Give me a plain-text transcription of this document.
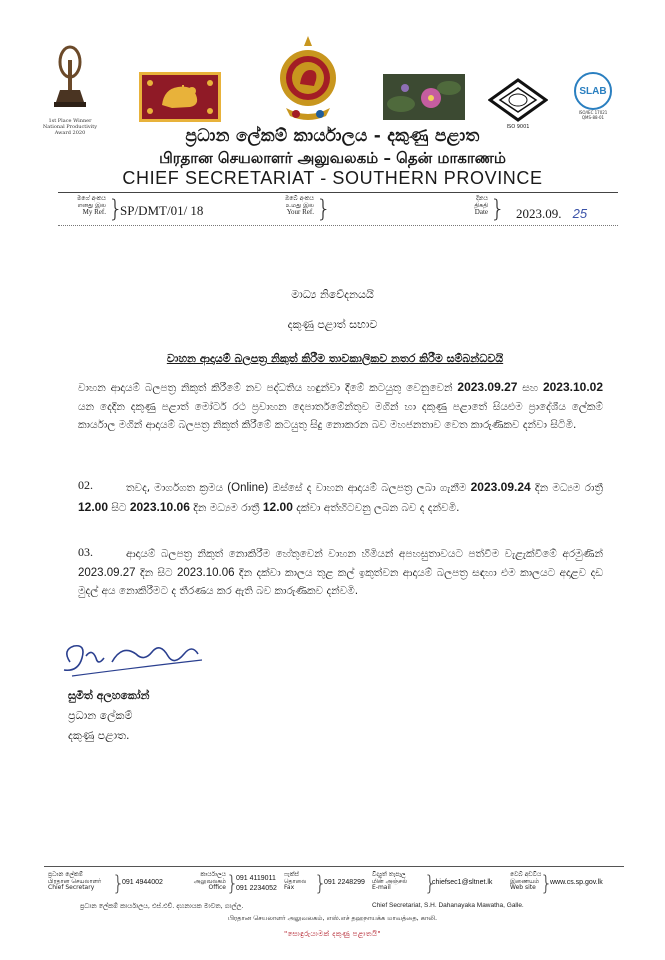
1st Place Winner
National Productivity
Award 2020
ISO 9001
SLAB
ISO/IEC 17021
QMS-88-01
ප්‍රධාන ලේකම් කාර්යාලය - දකුණු පළාත
பிரதான செயலாளர் அலுவலகம் – தென் மாகாணம்
CHIEF SECRETARIAT - SOUTHERN PROVINCE
මගේ අංකය
எனது இல
My Ref. }
SP/DMT/01/ 18
ඔබේ අංකය
உமது இல
Your Ref. }	දිනය
திகதி
Date } 2023.09. 25
මාධ්‍ය නිවේදනයයි
දකුණු පළාත් සභාව
වාහන ආදායම් බලපත්‍ර නිකුත් කිරීම තාවකාලිකව නතර කිරීම සම්බන්ධවයි
වාහන ආදායම් බලපත්‍ර නිකුත් කිරීමේ නව පද්ධතිය හඳුන්වා දීමේ කටයුතු වෙනුවෙන් 2023.09.27 සහ 2023.10.02 යන දෙදින දකුණු පළාත් මෝටර් රථ ප්‍රවාහන දෙපාර්තමේන්තුව මගින් හා දකුණු පළාතේ සියළුම ප්‍රාදේශීය ලේකම් කාර්යාල මගින් ආදායම් බලපත්‍ර නිකුත් කිරීමේ කටයුතු සිදු නොකරන බව මහජනතාව වෙත කාරුණිකව දන්වා සිටිමි.
02.	තවද, මාර්ගගත ක්‍රමය (Online) ඔස්සේ ද වාහන ආදායම් බලපත්‍ර ලබා ගැනීම 2023.09.24 දින මධ්‍යම රාත්‍රී 12.00 සිට 2023.10.06 දින මධ්‍යම රාත්‍රී 12.00 දක්වා අත්හිටවනු ලබන බව ද දන්වමි.
03.	ආදායම් බලපත්‍ර නිකුත් නොකිරීම හේතුවෙන් වාහන හිමියන් අපහසුතාවයට පත්වීම වැළැක්වීමේ අරමුණින් 2023.09.27 දින සිට 2023.10.06 දින දක්වා කාලය තුළ කල් ඉකුත්වන ආදායම් බලපත්‍ර සඳහා එම කාලයට අදාළව දඩ මුදල් අය නොකිරීමට ද තීරණය කර ඇති බව කාරුණිකව දන්වමි.
සුමිත් අලහකෝන්
ප්‍රධාන ලේකම්
දකුණු පළාත.
ප්‍රධාන ලේකම්
பிரதான செயலாளர்
Chief Secretary }
091 4944002
කාර්යාලය
அலுவலகம்
Office }
091 4119011
091 2234052
ෆැක්ස්
தொலை
Fax }
091 2248299
විද්‍යුත් තැපෑල
மின் அஞ்சல்
E-mail	}
chiefsec1@sltnet.lk
වෙබ් අඩවිය
இணையம்
Web site }
www.cs.sp.gov.lk
ප්‍රධාන ලේකම් කාර්යාලය, එස්.එච්. දහනායක මාවත, ගාල්ල.	Chief Secretariat, S.H. Dahanayaka Mawatha, Galle.
பிரதான செயலாளர் அலுவலகம், எஸ்.எச் தஹநாயக்க மாவத்தை, காலி.
"සොඳුරුයාමක් දකුණු පළාතයි"
